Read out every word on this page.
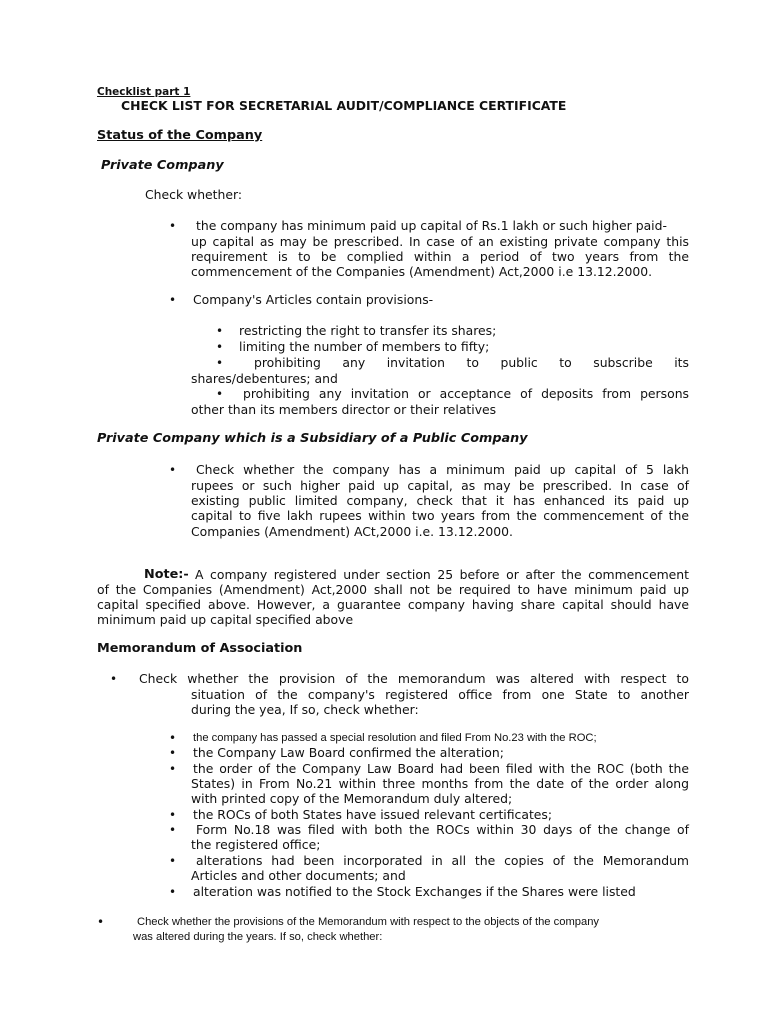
Checklist part 1
CHECK LIST FOR SECRETARIAL AUDIT/COMPLIANCE CERTIFICATE
Status of the Company
Private Company
Check whether:
• the company has minimum paid up capital of Rs.1 lakh or such higher paid-
up capital as may be prescribed. In case of an existing private company this
requirement is to be complied within a period of two years from the
commencement of the Companies (Amendment) Act,2000 i.e 13.12.2000.
• Company's Articles contain provisions-
• restricting the right to transfer its shares;
• limiting the number of members to fifty;
• prohibiting any invitation to public to subscribe its
shares/debentures; and
• prohibiting any invitation or acceptance of deposits from persons
other than its members director or their relatives
Private Company which is a Subsidiary of a Public Company
• Check whether the company has a minimum paid up capital of 5 lakh
rupees or such higher paid up capital, as may be prescribed. In case of
existing public limited company, check that it has enhanced its paid up
capital to five lakh rupees within two years from the commencement of the
Companies (Amendment) ACt,2000 i.e. 13.12.2000.
Note:- A company registered under section 25 before or after the commencement
of the Companies (Amendment) Act,2000 shall not be required to have minimum paid up
capital specified above. However, a guarantee company having share capital should have
minimum paid up capital specified above
Memorandum of Association
• Check whether the provision of the memorandum was altered with respect to
situation of the company's registered office from one State to another
during the yea, If so, check whether:
• the company has passed a special resolution and filed From No.23 with the ROC;
• the Company Law Board confirmed the alteration;
• the order of the Company Law Board had been filed with the ROC (both the
States) in From No.21 within three months from the date of the order along
with printed copy of the Memorandum duly altered;
• the ROCs of both States have issued relevant certificates;
• Form No.18 was filed with both the ROCs within 30 days of the change of
the registered office;
• alterations had been incorporated in all the copies of the Memorandum
Articles and other documents; and
• alteration was notified to the Stock Exchanges if the Shares were listed
•	Check whether the provisions of the Memorandum with respect to the objects of the company
was altered during the years. If so, check whether:
